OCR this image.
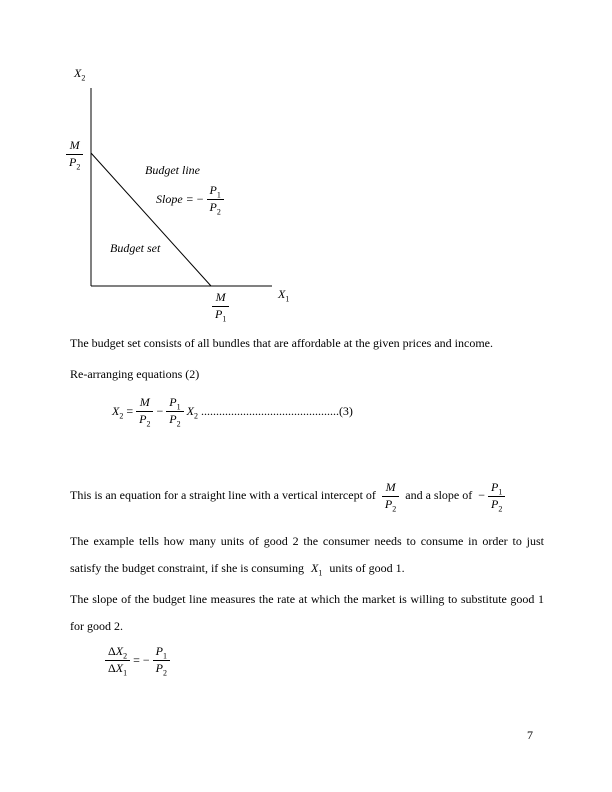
$X_2$
$\frac{M}{P_2}$
Budget line
Slope = − $\frac{P_1}{P_2}$
Budget set
$\frac{M}{P_1}$	$X_1$
The budget set consists of all bundles that are affordable at the given prices and income.
Re-arranging equations (2)
$X_2 = \frac{M}{P_2} - \frac{P_1}{P_2} X_2$ .............................................. (3)
This is an equation for a straight line with a vertical intercept of $\frac{M}{P_2}$ and a slope of − $\frac{P_1}{P_2}$
The example tells how many units of good 2 the consumer needs to consume in order to just satisfy the budget constraint, if she is consuming $X_1$ units of good 1.
The slope of the budget line measures the rate at which the market is willing to substitute good 1 for good 2.
$\frac{\Delta X_2}{\Delta X_1}$ = − $\frac{P_1}{P_2}$
7
